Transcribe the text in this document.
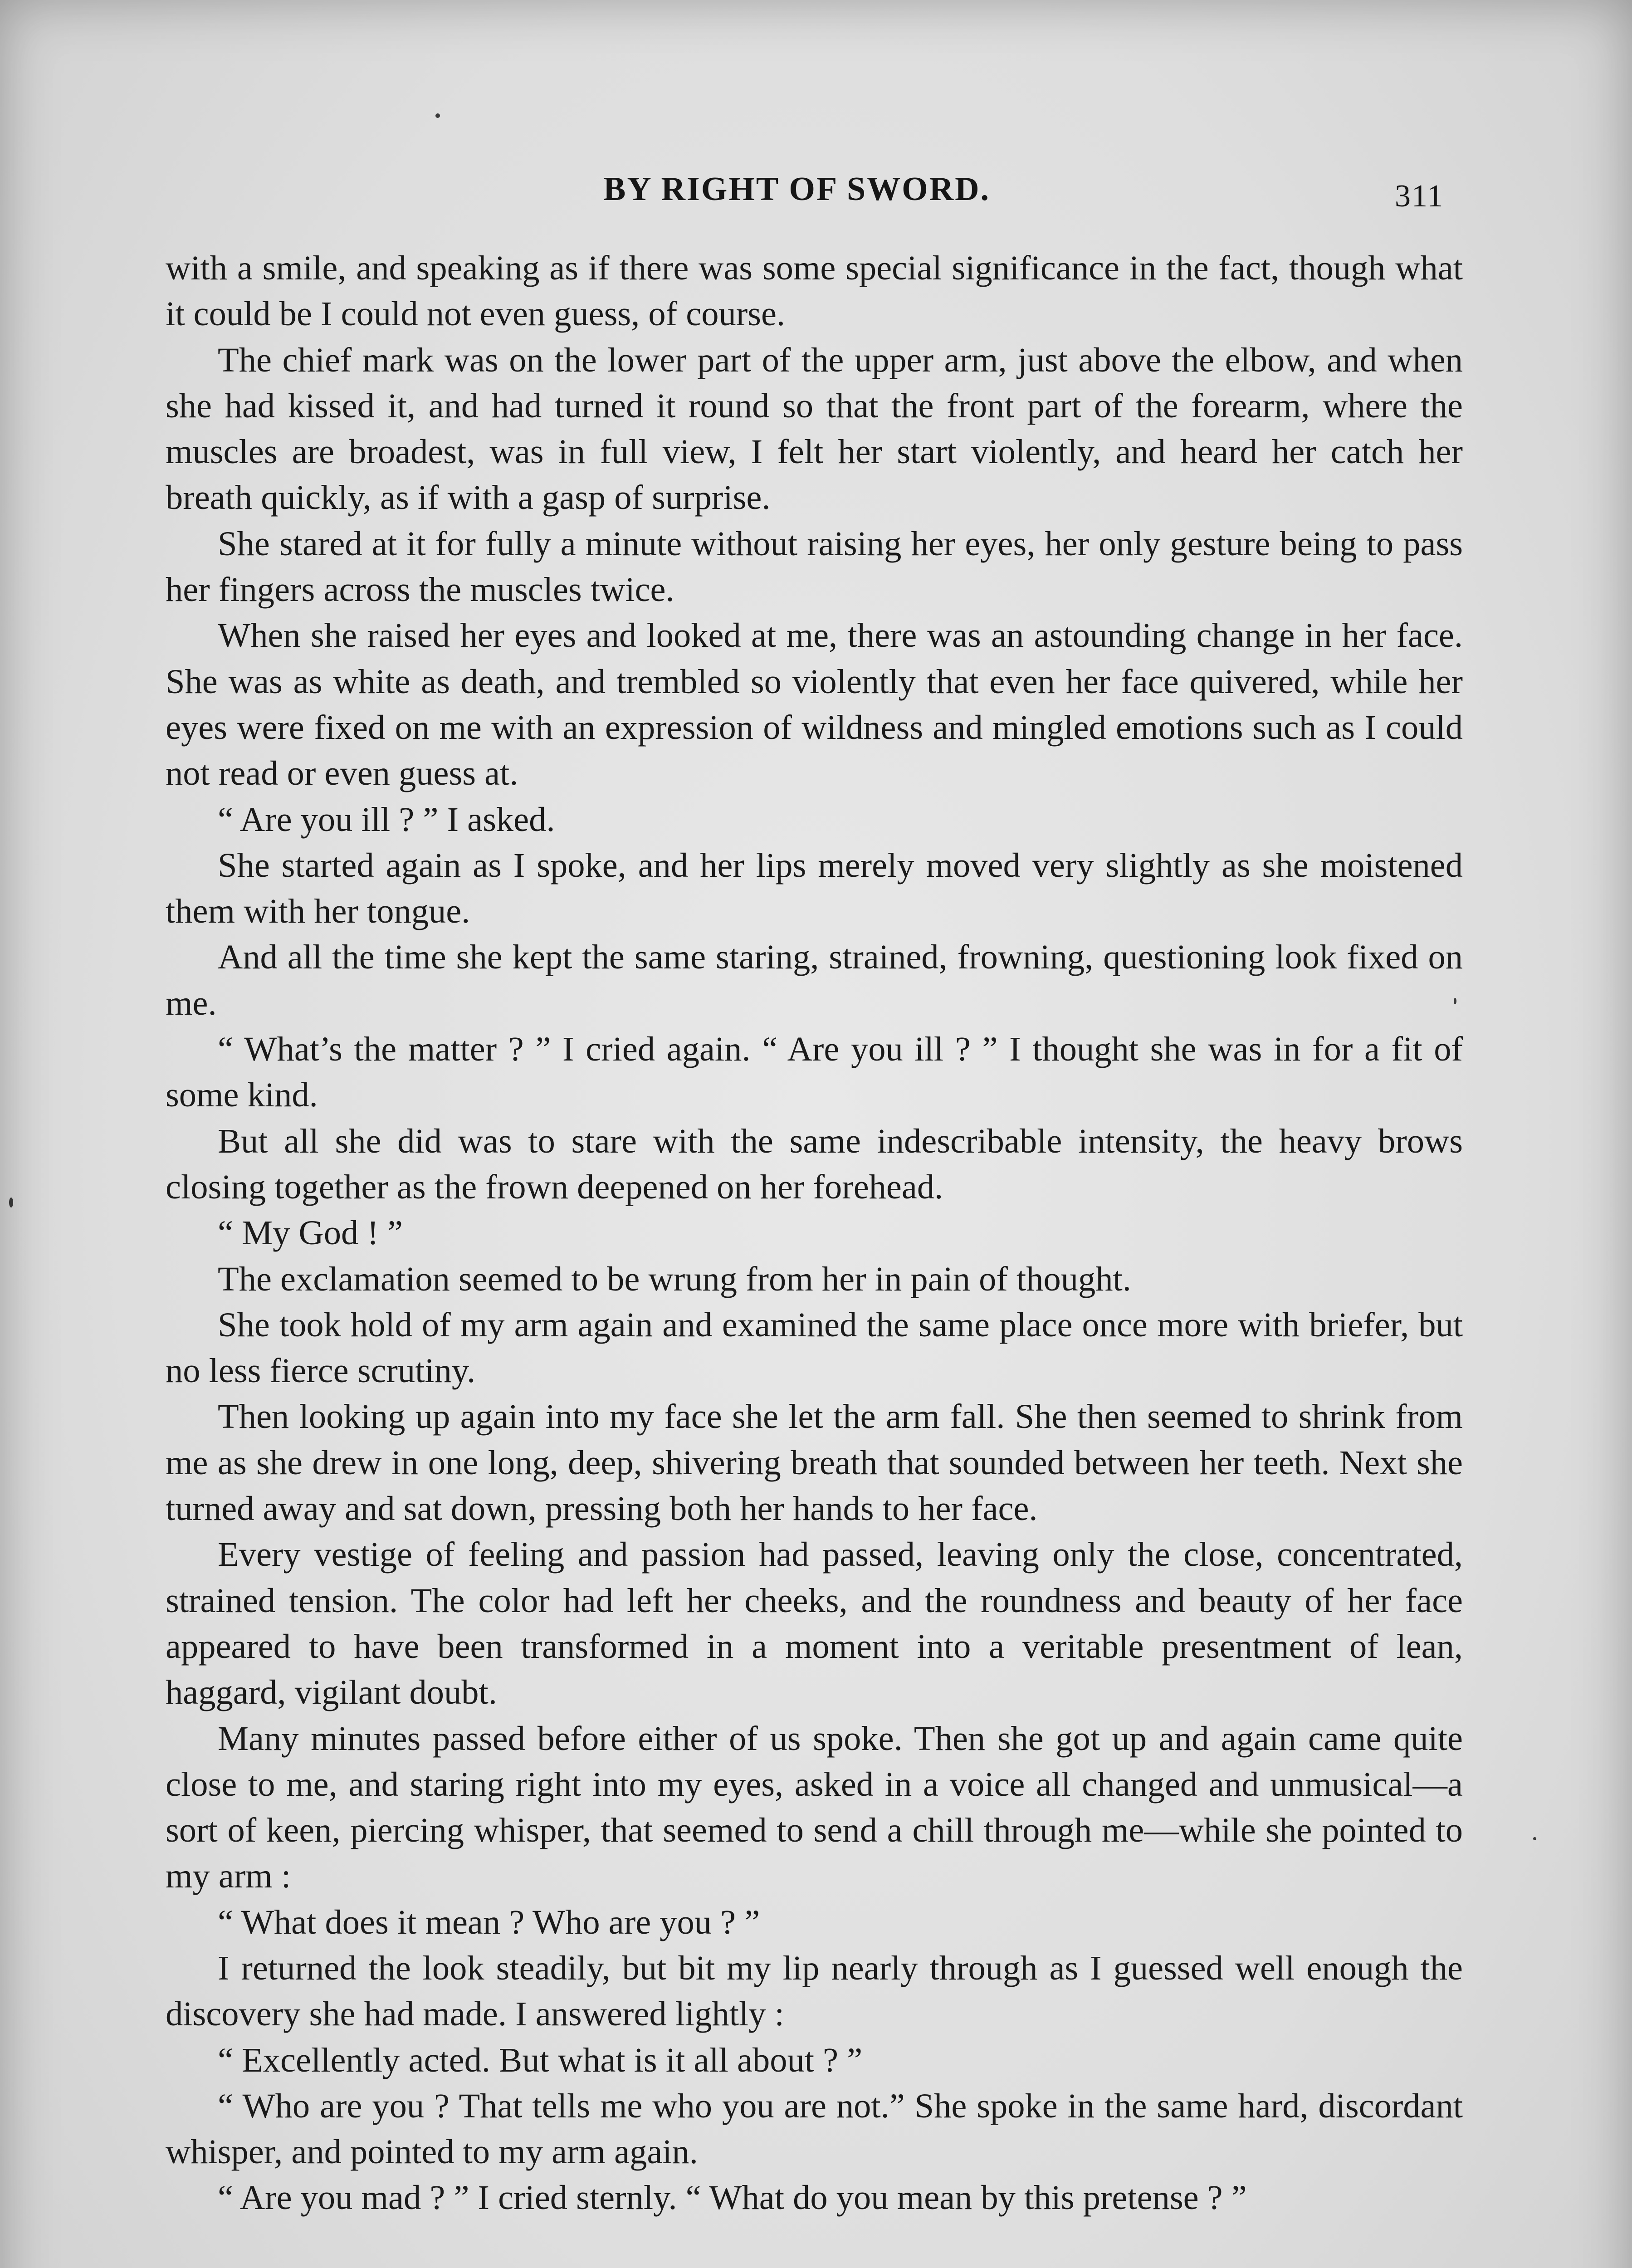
BY RIGHT OF SWORD.	311

with a smile, and speaking as if there was some special significance in the fact, though what it could be I could not even guess, of course.

The chief mark was on the lower part of the upper arm, just above the elbow, and when she had kissed it, and had turned it round so that the front part of the forearm, where the muscles are broadest, was in full view, I felt her start violently, and heard her catch her breath quickly, as if with a gasp of surprise.

She stared at it for fully a minute without raising her eyes, her only gesture being to pass her fingers across the muscles twice.

When she raised her eyes and looked at me, there was an astounding change in her face. She was as white as death, and trembled so violently that even her face quivered, while her eyes were fixed on me with an expression of wildness and mingled emotions such as I could not read or even guess at.

“ Are you ill ? ” I asked.

She started again as I spoke, and her lips merely moved very slightly as she moistened them with her tongue.

And all the time she kept the same staring, strained, frowning, questioning look fixed on me.

“ What’s the matter ? ” I cried again. “ Are you ill ? ” I thought she was in for a fit of some kind.

But all she did was to stare with the same indescribable intensity, the heavy brows closing together as the frown deepened on her forehead.

“ My God ! ”

The exclamation seemed to be wrung from her in pain of thought.

She took hold of my arm again and examined the same place once more with briefer, but no less fierce scrutiny.

Then looking up again into my face she let the arm fall. She then seemed to shrink from me as she drew in one long, deep, shivering breath that sounded between her teeth. Next she turned away and sat down, pressing both her hands to her face.

Every vestige of feeling and passion had passed, leaving only the close, concentrated, strained tension. The color had left her cheeks, and the roundness and beauty of her face appeared to have been transformed in a moment into a veritable presentment of lean, haggard, vigilant doubt.

Many minutes passed before either of us spoke. Then she got up and again came quite close to me, and staring right into my eyes, asked in a voice all changed and unmusical—a sort of keen, piercing whisper, that seemed to send a chill through me—while she pointed to my arm :

“ What does it mean ? Who are you ? ”

I returned the look steadily, but bit my lip nearly through as I guessed well enough the discovery she had made. I answered lightly :

“ Excellently acted. But what is it all about ? ”

“ Who are you ? That tells me who you are not.” She spoke in the same hard, discordant whisper, and pointed to my arm again.

“ Are you mad ? ” I cried sternly. “ What do you mean by this pretense ? ”
